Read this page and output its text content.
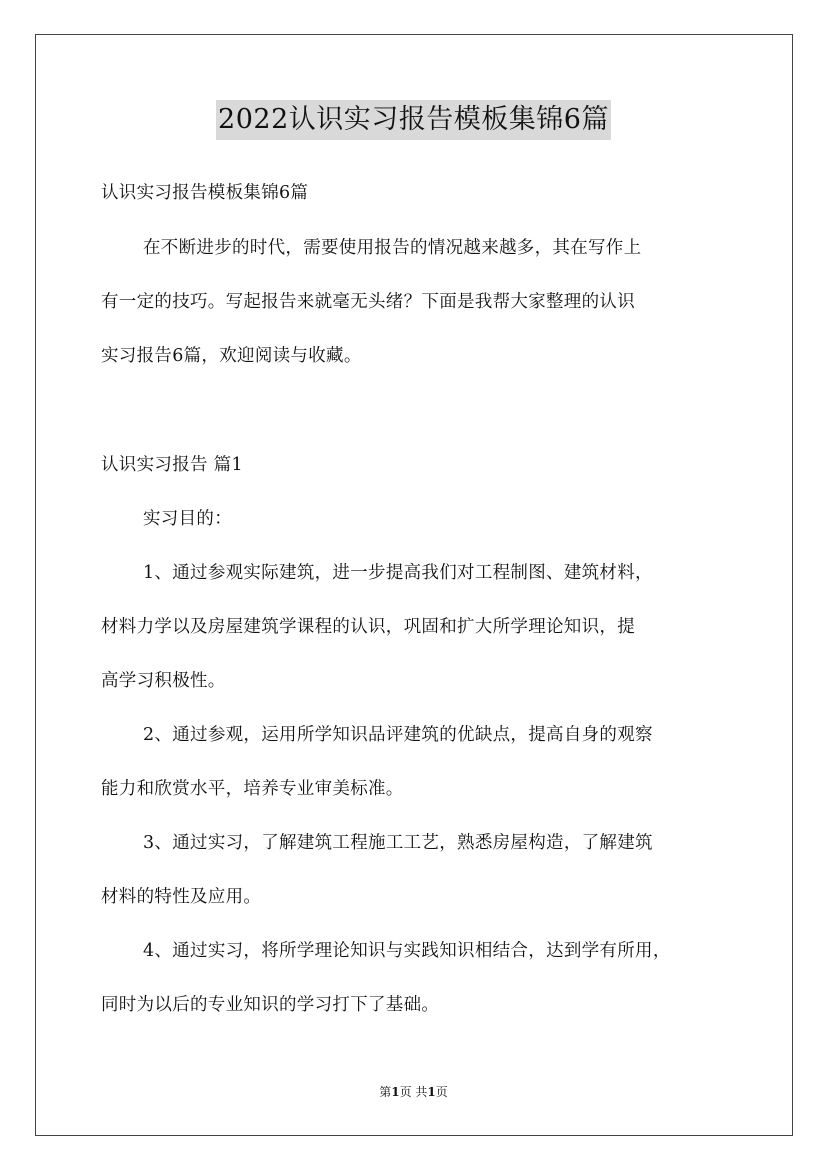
2022认识实习报告模板集锦6篇
认识实习报告模板集锦6篇
在不断进步的时代，需要使用报告的情况越来越多，其在写作上
有一定的技巧。写起报告来就毫无头绪？下面是我帮大家整理的认识
实习报告6篇，欢迎阅读与收藏。
认识实习报告 篇1
实习目的：
1、通过参观实际建筑，进一步提高我们对工程制图、建筑材料，
材料力学以及房屋建筑学课程的认识，巩固和扩大所学理论知识，提
高学习积极性。
2、通过参观，运用所学知识品评建筑的优缺点，提高自身的观察
能力和欣赏水平，培养专业审美标准。
3、通过实习，了解建筑工程施工工艺，熟悉房屋构造，了解建筑
材料的特性及应用。
4、通过实习，将所学理论知识与实践知识相结合，达到学有所用，
同时为以后的专业知识的学习打下了基础。
第1页 共1页
